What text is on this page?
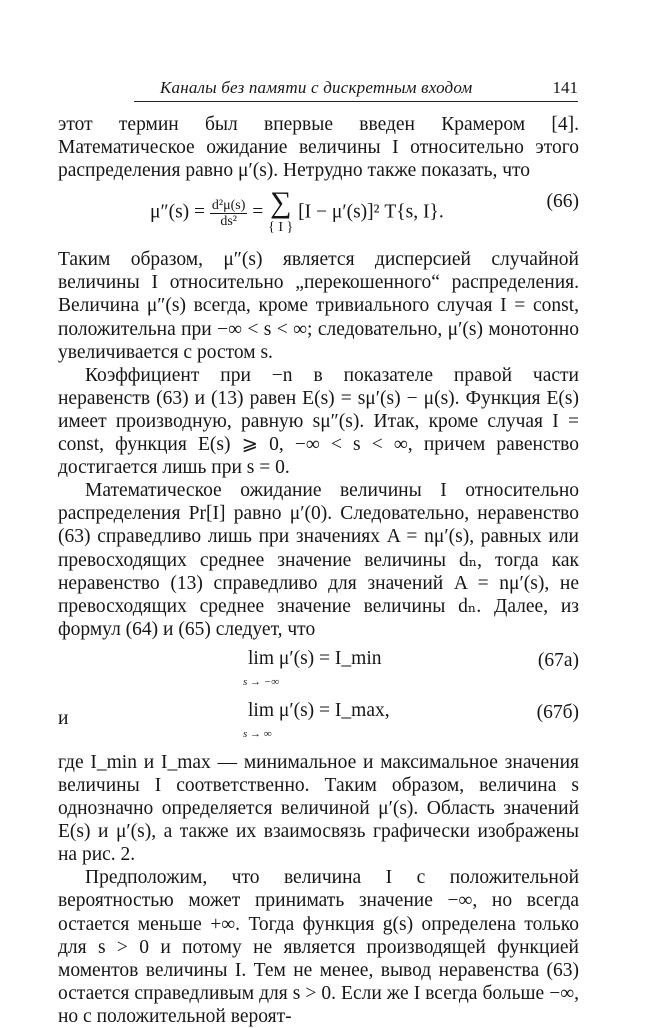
Каналы без памяти с дискретным входом	141

этот термин был впервые введен Крамером [4]. Математическое ожидание величины I относительно этого распределения равно μ′(s). Нетрудно также показать, что

$\mu''(s) = \frac{\text{d²μ(s)}}{\text{ds²}}$ = ∑
{ I }
[I − μ′(s)]² T{s, I}.	(66)

Таким образом, μ″(s) является дисперсией случайной величины I относительно „перекошенного“ распределения. Величина μ″(s) всегда, кроме тривиального случая I = const, положительна при −∞ < s < ∞; следовательно, μ′(s) монотонно увеличивается с ростом s.

Коэффициент при −n в показателе правой части неравенств (63) и (13) равен E(s) = sμ′(s) − μ(s). Функция E(s) имеет производную, равную sμ″(s). Итак, кроме случая I = const, функция E(s) ⩾ 0, −∞ < s < ∞, причем равенство достигается лишь при s = 0.

Математическое ожидание величины I относительно распределения Pr[I] равно μ′(0). Следовательно, неравенство (63) справедливо лишь при значениях A = nμ′(s), равных или превосходящих среднее значение величины dₙ, тогда как неравенство (13) справедливо для значений A = nμ′(s), не превосходящих среднее значение величины dₙ. Далее, из формул (64) и (65) следует, что

lim μ′(s) = I_min
s → −∞
(67а)
и	lim μ′(s) = I_max,
s → ∞
(67б)

где I_min и I_max — минимальное и максимальное значения величины I соответственно. Таким образом, величина s однозначно определяется величиной μ′(s). Область значений E(s) и μ′(s), а также их взаимосвязь графически изображены на рис. 2.

Предположим, что величина I с положительной вероятностью может принимать значение −∞, но всегда остается меньше +∞. Тогда функция g(s) определена только для s > 0 и потому не является производящей функцией моментов величины I. Тем не менее, вывод неравенства (63) остается справедливым для s > 0. Если же I всегда больше −∞, но с положительной вероят-
